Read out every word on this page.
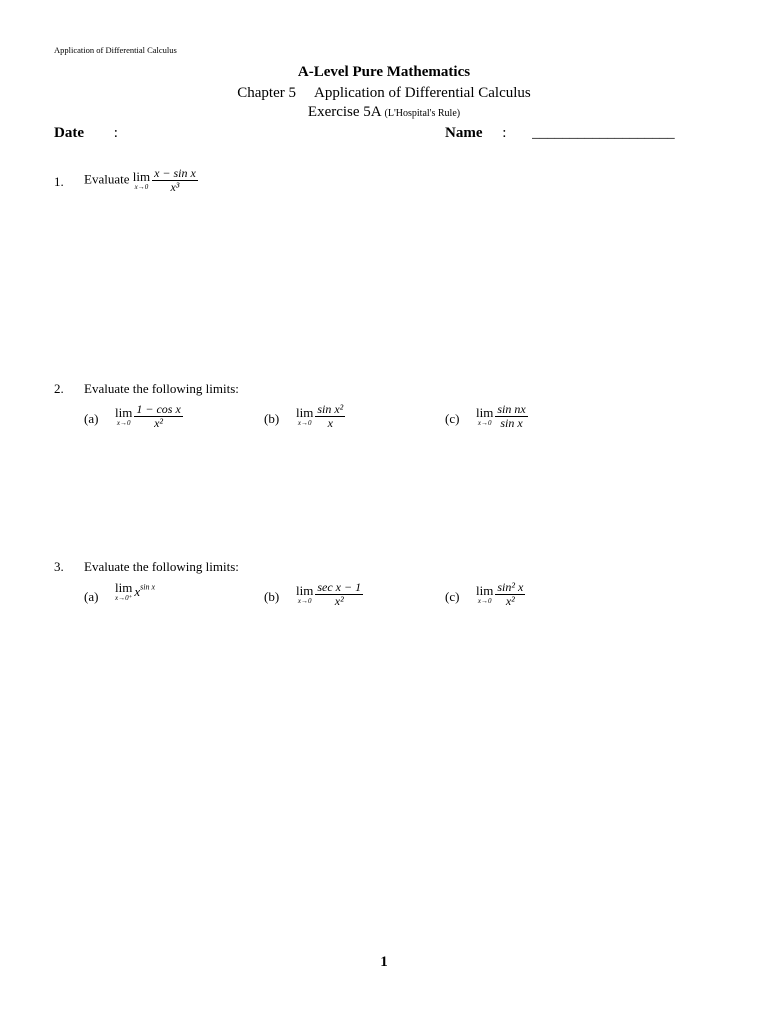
Application of Differential Calculus
A-Level Pure Mathematics
Chapter 5 Application of Differential Calculus
Exercise 5A (L'Hospital's Rule)
Date :	Name : ___________________
1. Evaluate lim
$x\to 0 \frac{\text{x − sin x}}{\text{x³}}$
2. Evaluate the following limits:
(a) lim
$x\to 0 \frac{\text{1 − cos x}}{\text{x²}}$	(b) lim
$x\to 0 \frac{\text{sin x²}}{x}$	(c) lim
$x\to 0 \frac{\text{sin nx}}{\text{sin x}}$
3. Evaluate the following limits:
(a)
lim
x→0⁺ $x^{sin x}$
(b) lim
$x\to 0 \frac{\text{sec x − 1}}{\text{x²}}$	(c) lim
$x\to 0 \frac{\text{sin² x}}{\text{x²}}$
1
